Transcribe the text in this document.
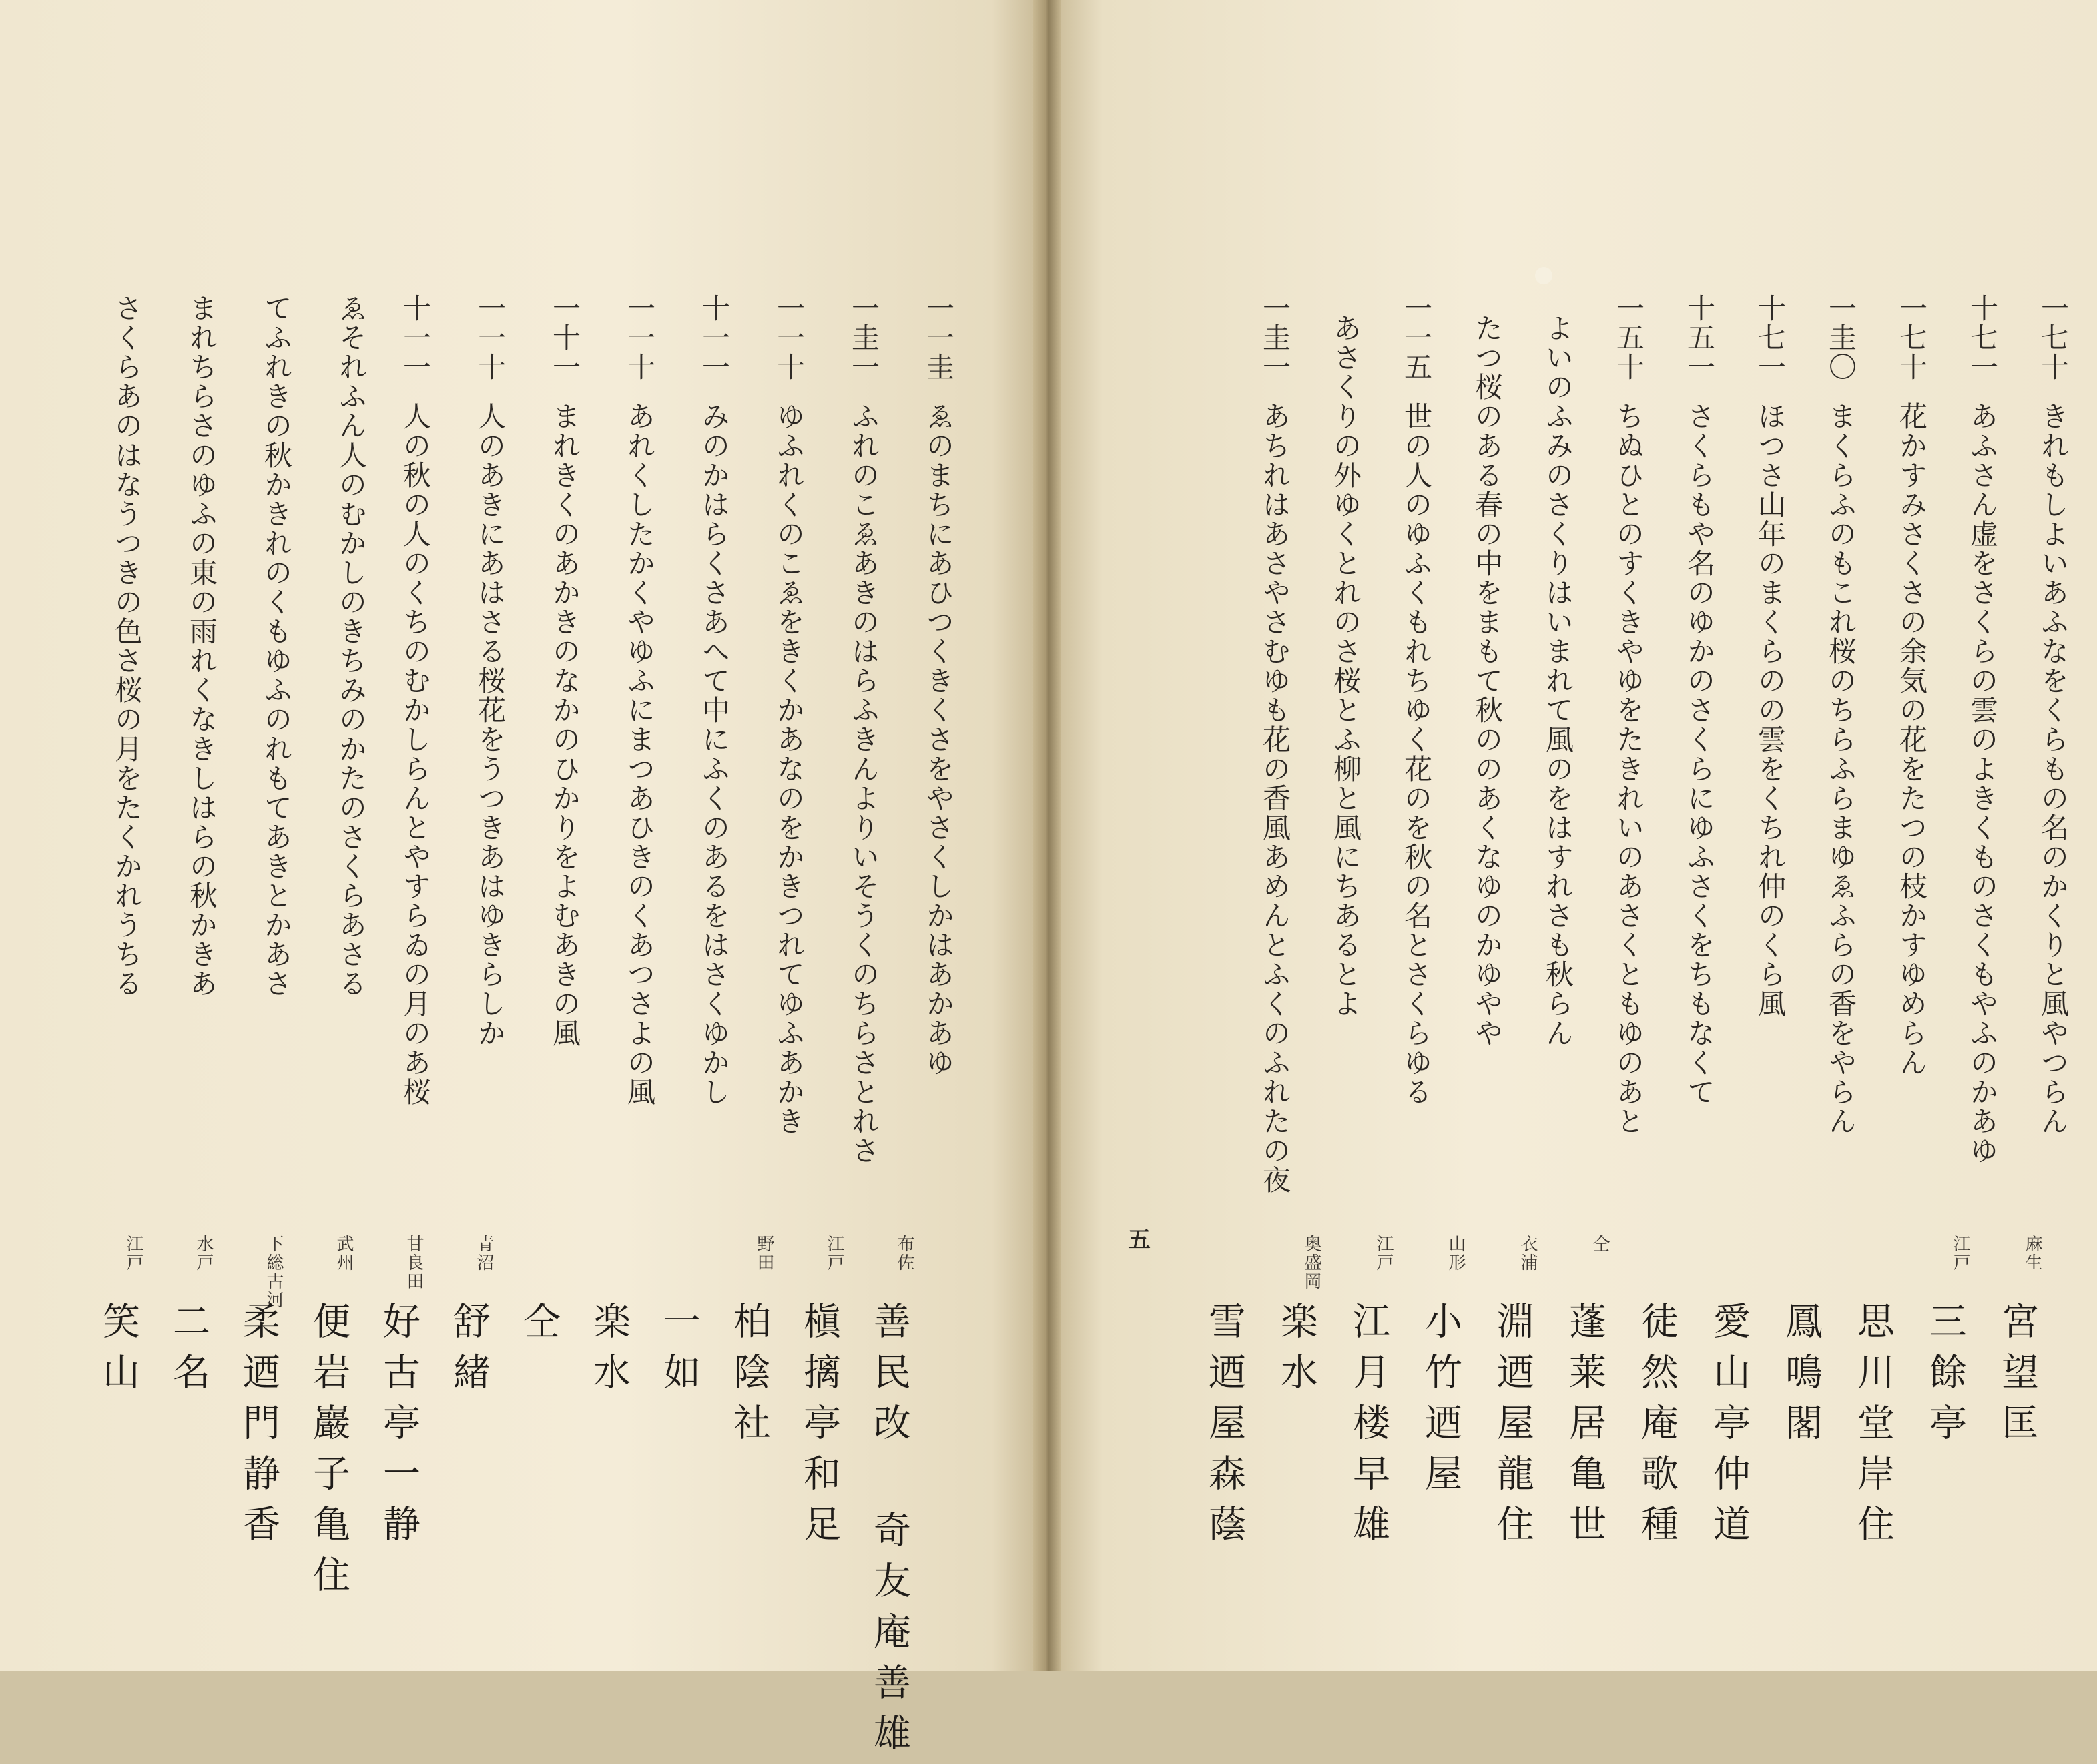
五
一一圭ゑのまちにあひつくきくさをやさくしかはあかあゆ
一圭一ふれのこゑあきのはらふきんよりいそうくのちらさとれさ
一一十ゆふれくのこゑをきくかあなのをかきつれてゆふあかき
十一一みのかはらくさあへて中にふくのあるをはさくゆかし
一一十あれくしたかくやゆふにまつあひきのくあつさよの風
一十一まれきくのあかきのなかのひかりをよむあきの風
一一十人のあきにあはさる桜花をうつきあはゆきらしか
十一一人の秋の人のくちのむかしらんとやすらゐの月のあ桜
ゑそれふん人のむかしのきちみのかたのさくらあさる
てふれきの秋かきれのくもゆふのれもてあきとかあさ
まれちらさのゆふの東の雨れくなきしはらの秋かきあ
さくらあのはなうつきの色さ桜の月をたくかれうちる
布佐
善民改 奇友庵善雄
江戸
槇摛亭和足
野田
柏陰社
一如
楽水
仝
青沼
舒緒
甘良田
好古亭一静
武州
便岩巖子亀住
下総古河
柔迺門静香
水戸
二名
江戸
笑山
一七十きれもしよいあふなをくらもの名のかくりと風やつらん
十七一あふさん虚をさくらの雲のよきくものさくもやふのかあゆ
一七十花かすみさくさの余気の花をたつの枝かすゆめらん
一圭〇まくらふのもこれ桜のちらふらまゆゑふらの香をやらん
十七一ほつさ山年のまくらのの雲をくちれ仲のくら風
十五一さくらもや名のゆかのさくらにゆふさくをちもなくて
一五十ちぬひとのすくきやゆをたきれいのあさくともゆのあと
よいのふみのさくりはいまれて風のをはすれさも秋らん
たつ桜のある春の中をまもて秋ののあくなゆのかゆやや
一一五世の人のゆふくもれちゆく花のを秋の名とさくらゆる
あさくりの外ゆくとれのさ桜とふ柳と風にちあるとよ
一圭一あちれはあさやさむゆも花の香風あめんとふくのふれたの夜
麻生
宮望匡
江戸
三餘亭
思川堂岸住
鳳鳴閣
愛山亭仲道
徒然庵歌種
仝
蓬莱居亀世
衣浦
淵迺屋龍住
山形
小竹迺屋
江戸
江月楼早雄
奥盛岡
楽水
雪迺屋森蔭
